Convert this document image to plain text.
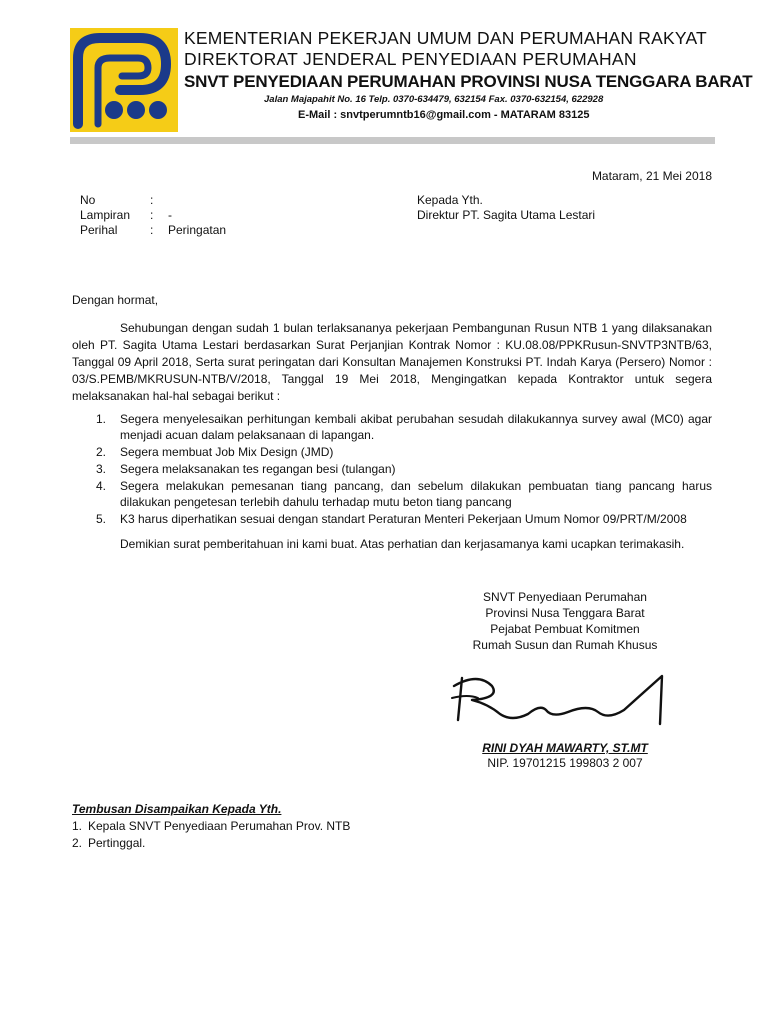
KEMENTERIAN PEKERJAN UMUM DAN PERUMAHAN RAKYAT
DIREKTORAT JENDERAL PENYEDIAAN PERUMAHAN
SNVT PENYEDIAAN PERUMAHAN PROVINSI NUSA TENGGARA BARAT
Jalan Majapahit No. 16 Telp. 0370-634479, 632154 Fax. 0370-632154, 622928
E-Mail : snvtperumntb16@gmail.com - MATARAM 83125
Mataram, 21 Mei 2018
No	:
Lampiran	:	-
Perihal	:	Peringatan
Kepada Yth.
Direktur PT. Sagita Utama Lestari
Dengan hormat,
Sehubungan dengan sudah 1 bulan terlaksananya pekerjaan Pembangunan Rusun NTB 1 yang dilaksanakan oleh PT. Sagita Utama Lestari berdasarkan Surat Perjanjian Kontrak Nomor : KU.08.08/PPKRusun-SNVTP3NTB/63, Tanggal 09 April 2018, Serta surat peringatan dari Konsultan Manajemen Konstruksi PT. Indah Karya (Persero) Nomor : 03/S.PEMB/MKRUSUN-NTB/V/2018, Tanggal 19 Mei 2018, Mengingatkan kepada Kontraktor untuk segera melaksanakan hal-hal sebagai berikut :
1.	Segera menyelesaikan perhitungan kembali akibat perubahan sesudah dilakukannya survey awal (MC0) agar menjadi acuan dalam pelaksanaan di lapangan.
2.	Segera membuat Job Mix Design (JMD)
3.	Segera melaksanakan tes regangan besi (tulangan)
4.	Segera melakukan pemesanan tiang pancang, dan sebelum dilakukan pembuatan tiang pancang harus dilakukan pengetesan terlebih dahulu terhadap mutu beton tiang pancang
5.	K3 harus diperhatikan sesuai dengan standart Peraturan Menteri Pekerjaan Umum Nomor 09/PRT/M/2008
Demikian surat pemberitahuan ini kami buat. Atas perhatian dan kerjasamanya kami ucapkan terimakasih.
SNVT Penyediaan Perumahan
Provinsi Nusa Tenggara Barat
Pejabat Pembuat Komitmen
Rumah Susun dan Rumah Khusus
RINI DYAH MAWARTY, ST.MT
NIP. 19701215 199803 2 007
Tembusan Disampaikan Kepada Yth.
1. Kepala SNVT Penyediaan Perumahan Prov. NTB
2. Pertinggal.
